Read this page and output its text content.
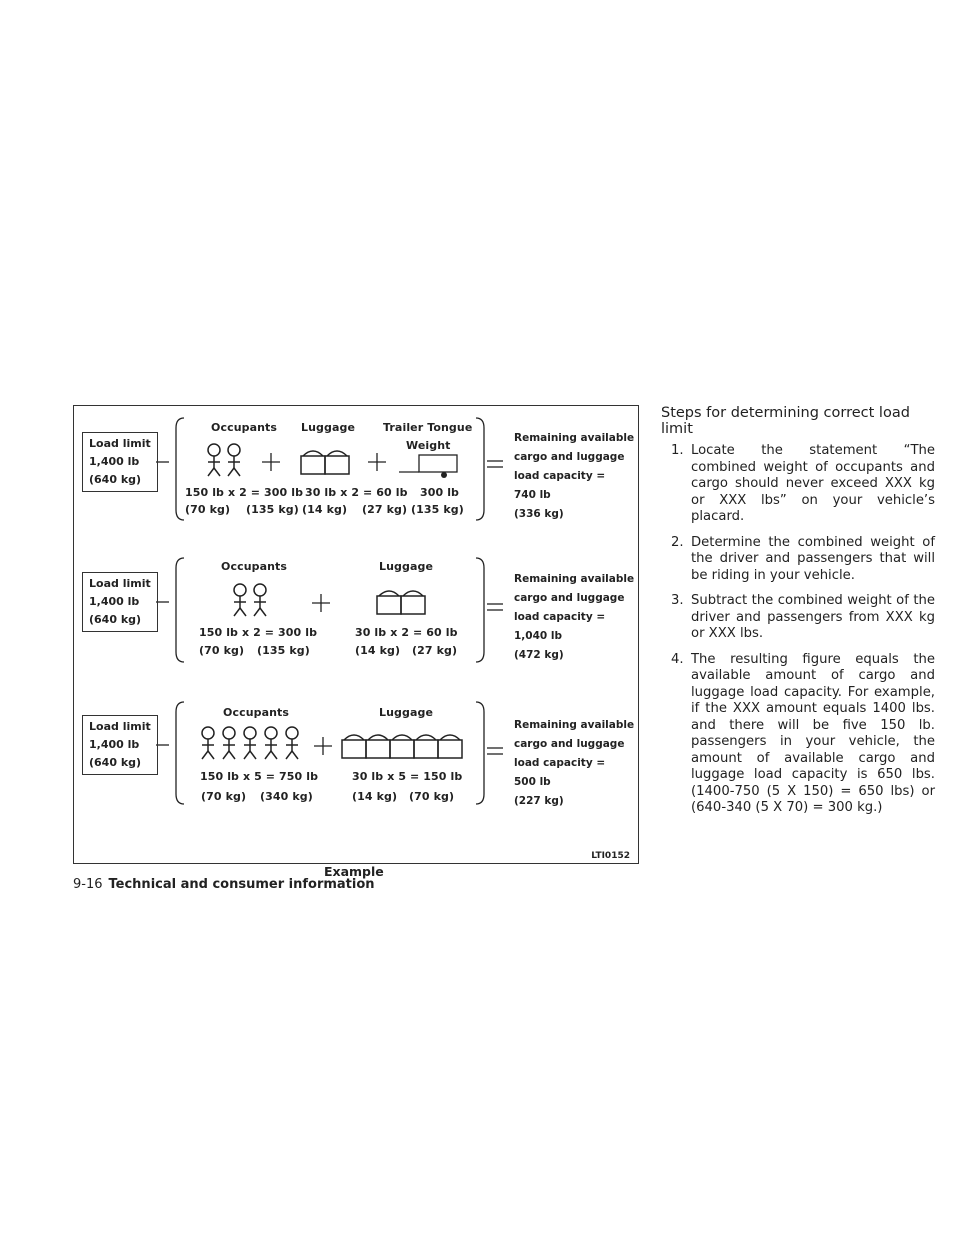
Load limit
1,400 lb
(640 kg)
Occupants Luggage	Trailer Tongue
Weight
150 lb x 2 = 300 lb 30 lb x 2 = 60 lb 300 lb
(70 kg) (135 kg) (14 kg) (27 kg) (135 kg)
Remaining available
cargo and luggage
load capacity =
740 lb
(336 kg)
Load limit
1,400 lb
(640 kg)
Occupants	Luggage
150 lb x 2 = 300 lb	30 lb x 2 = 60 lb
(70 kg) (135 kg)	(14 kg) (27 kg)
Remaining available
cargo and luggage
load capacity =
1,040 lb
(472 kg)
Load limit
1,400 lb
(640 kg)
Occupants	Luggage
150 lb x 5 = 750 lb	30 lb x 5 = 150 lb
(70 kg) (340 kg)	(14 kg) (70 kg)
Remaining available
cargo and luggage
load capacity =
500 lb
(227 kg)
LTI0152
Example
9-16 Technical and consumer information
Steps for determining correct load limit
1. Locate the statement “The combined weight of occupants and cargo should never exceed XXX kg or XXX lbs” on your vehicle’s placard.
2. Determine the combined weight of the driver and passengers that will be riding in your vehicle.
3. Subtract the combined weight of the driver and passengers from XXX kg or XXX lbs.
4. The resulting figure equals the available amount of cargo and luggage load capacity. For example, if the XXX amount equals 1400 lbs. and there will be five 150 lb. passengers in your vehicle, the amount of available cargo and luggage load capacity is 650 lbs. (1400-750 (5 X 150) = 650 lbs) or (640-340 (5 X 70) = 300 kg.)
